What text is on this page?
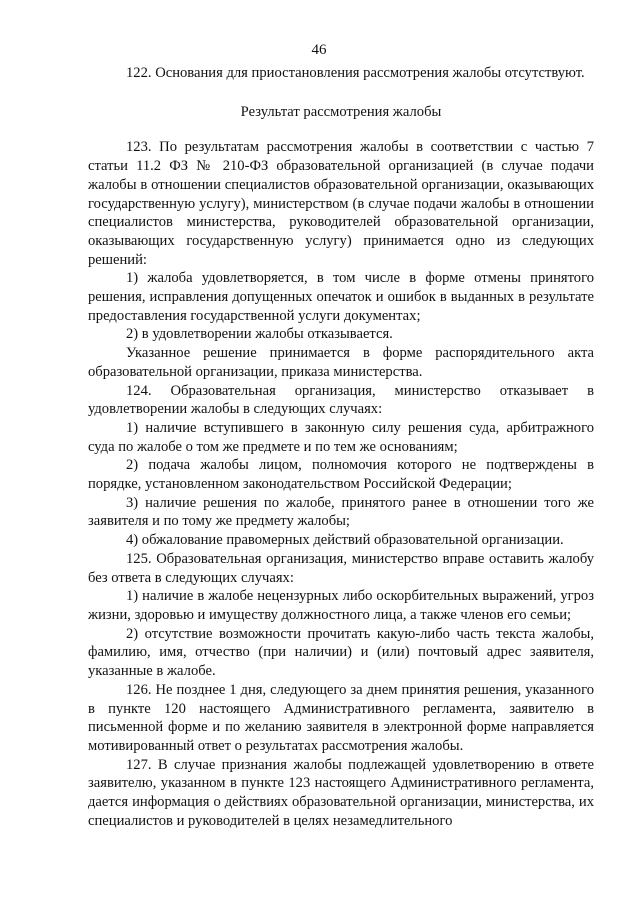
46

122. Основания для приостановления рассмотрения жалобы отсутствуют.

Результат рассмотрения жалобы

123. По результатам рассмотрения жалобы в соответствии с частью 7 статьи 11.2 ФЗ № 210-ФЗ образовательной организацией (в случае подачи жалобы в отношении специалистов образовательной организации, оказывающих государственную услугу), министерством (в случае подачи жалобы в отношении специалистов министерства, руководителей образовательной организации, оказывающих государственную услугу) принимается одно из следующих решений:

1) жалоба удовлетворяется, в том числе в форме отмены принятого решения, исправления допущенных опечаток и ошибок в выданных в результате предоставления государственной услуги документах;

2) в удовлетворении жалобы отказывается.

Указанное решение принимается в форме распорядительного акта образовательной организации, приказа министерства.

124. Образовательная организация, министерство отказывает в удовлетворении жалобы в следующих случаях:

1) наличие вступившего в законную силу решения суда, арбитражного суда по жалобе о том же предмете и по тем же основаниям;

2) подача жалобы лицом, полномочия которого не подтверждены в порядке, установленном законодательством Российской Федерации;

3) наличие решения по жалобе, принятого ранее в отношении того же заявителя и по тому же предмету жалобы;

4) обжалование правомерных действий образовательной организации.

125. Образовательная организация, министерство вправе оставить жалобу без ответа в следующих случаях:

1) наличие в жалобе нецензурных либо оскорбительных выражений, угроз жизни, здоровью и имуществу должностного лица, а также членов его семьи;

2) отсутствие возможности прочитать какую-либо часть текста жалобы, фамилию, имя, отчество (при наличии) и (или) почтовый адрес заявителя, указанные в жалобе.

126. Не позднее 1 дня, следующего за днем принятия решения, указанного в пункте 120 настоящего Административного регламента, заявителю в письменной форме и по желанию заявителя в электронной форме направляется мотивированный ответ о результатах рассмотрения жалобы.

127. В случае признания жалобы подлежащей удовлетворению в ответе заявителю, указанном в пункте 123 настоящего Административного регламента, дается информация о действиях образовательной организации, министерства, их специалистов и руководителей в целях незамедлительного
